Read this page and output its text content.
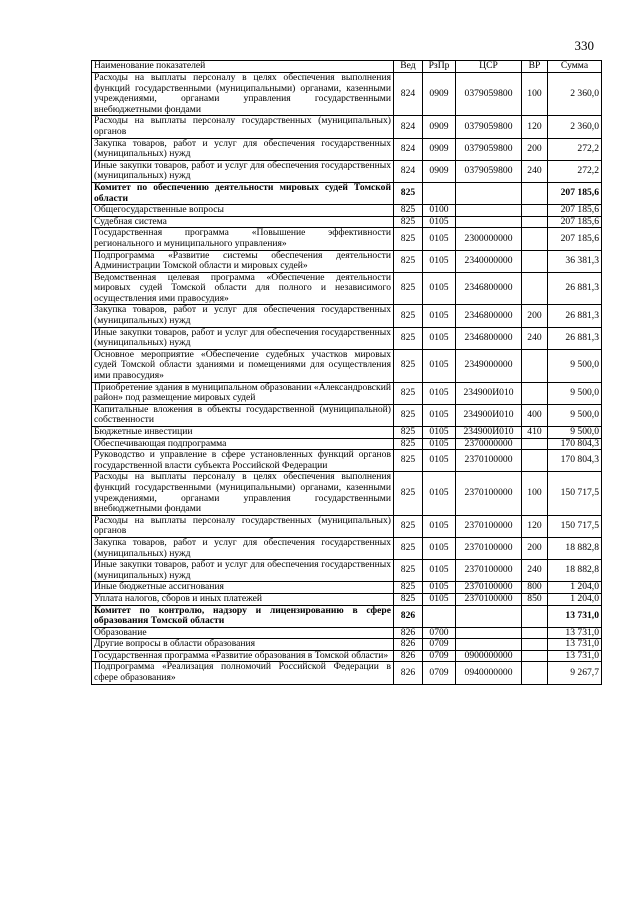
330
Наименование показателей	Вед	РзПр	ЦСР	ВР	Сумма
Расходы на выплаты персоналу в целях обеспечения выполнения функций государственными (муниципальными) органами, казенными учреждениями, органами управления государственными внебюджетными фондами	824	0909	0379059800	100	2 360,0
Расходы на выплаты персоналу государственных (муниципальных) органов	824	0909	0379059800	120	2 360,0
Закупка товаров, работ и услуг для обеспечения государственных (муниципальных) нужд	824	0909	0379059800	200	272,2
Иные закупки товаров, работ и услуг для обеспечения государственных (муниципальных) нужд	824	0909	0379059800	240	272,2
Комитет по обеспечению деятельности мировых судей Томской области	825				207 185,6
Общегосударственные вопросы	825	0100			207 185,6
Судебная система	825	0105			207 185,6
Государственная программа «Повышение эффективности регионального и муниципального управления»	825	0105	2300000000		207 185,6
Подпрограмма «Развитие системы обеспечения деятельности Администрации Томской области и мировых судей»	825	0105	2340000000		36 381,3
Ведомственная целевая программа «Обеспечение деятельности мировых судей Томской области для полного и независимого осуществления ими правосудия»	825	0105	2346800000		26 881,3
Закупка товаров, работ и услуг для обеспечения государственных (муниципальных) нужд	825	0105	2346800000	200	26 881,3
Иные закупки товаров, работ и услуг для обеспечения государственных (муниципальных) нужд	825	0105	2346800000	240	26 881,3
Основное мероприятие «Обеспечение судебных участков мировых судей Томской области зданиями и помещениями для осуществления ими правосудия»	825	0105	2349000000		9 500,0
Приобретение здания в муниципальном образовании «Александровский район» под размещение мировых судей	825	0105	234900И010		9 500,0
Капитальные вложения в объекты государственной (муниципальной) собственности	825	0105	234900И010	400	9 500,0
Бюджетные инвестиции	825	0105	234900И010	410	9 500,0
Обеспечивающая подпрограмма	825	0105	2370000000		170 804,3
Руководство и управление в сфере установленных функций органов государственной власти субъекта Российской Федерации	825	0105	2370100000		170 804,3
Расходы на выплаты персоналу в целях обеспечения выполнения функций государственными (муниципальными) органами, казенными учреждениями, органами управления государственными внебюджетными фондами	825	0105	2370100000	100	150 717,5
Расходы на выплаты персоналу государственных (муниципальных) органов	825	0105	2370100000	120	150 717,5
Закупка товаров, работ и услуг для обеспечения государственных (муниципальных) нужд	825	0105	2370100000	200	18 882,8
Иные закупки товаров, работ и услуг для обеспечения государственных (муниципальных) нужд	825	0105	2370100000	240	18 882,8
Иные бюджетные ассигнования	825	0105	2370100000	800	1 204,0
Уплата налогов, сборов и иных платежей	825	0105	2370100000	850	1 204,0
Комитет по контролю, надзору и лицензированию в сфере образования Томской области	826				13 731,0
Образование	826	0700			13 731,0
Другие вопросы в области образования	826	0709			13 731,0
Государственная программа «Развитие образования в Томской области»	826	0709	0900000000		13 731,0
Подпрограмма «Реализация полномочий Российской Федерации в сфере образования»	826	0709	0940000000		9 267,7
